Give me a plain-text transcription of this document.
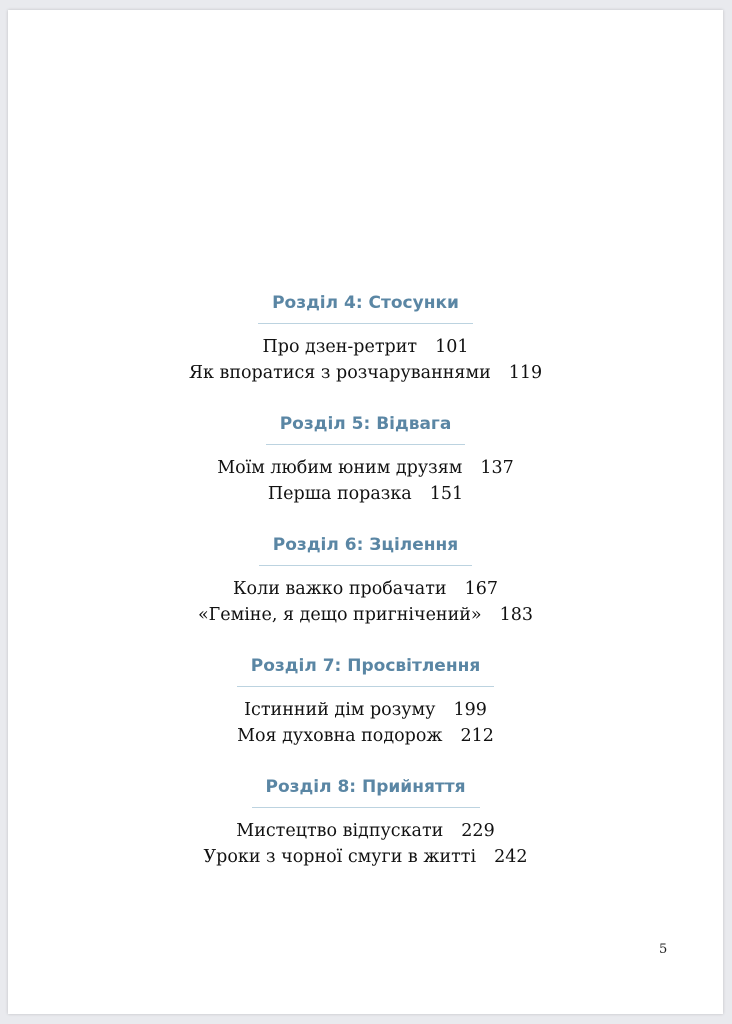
Розділ 4: Стосунки
Про дзен-ретрит 101
Як впоратися з розчаруваннями 119
Розділ 5: Відвага
Моїм любим юним друзям 137
Перша поразка 151
Розділ 6: Зцілення
Коли важко пробачати 167
«Геміне, я дещо пригнічений» 183
Розділ 7: Просвітлення
Істинний дім розуму 199
Моя духовна подорож 212
Розділ 8: Прийняття
Мистецтво відпускати 229
Уроки з чорної смуги в житті 242
5
